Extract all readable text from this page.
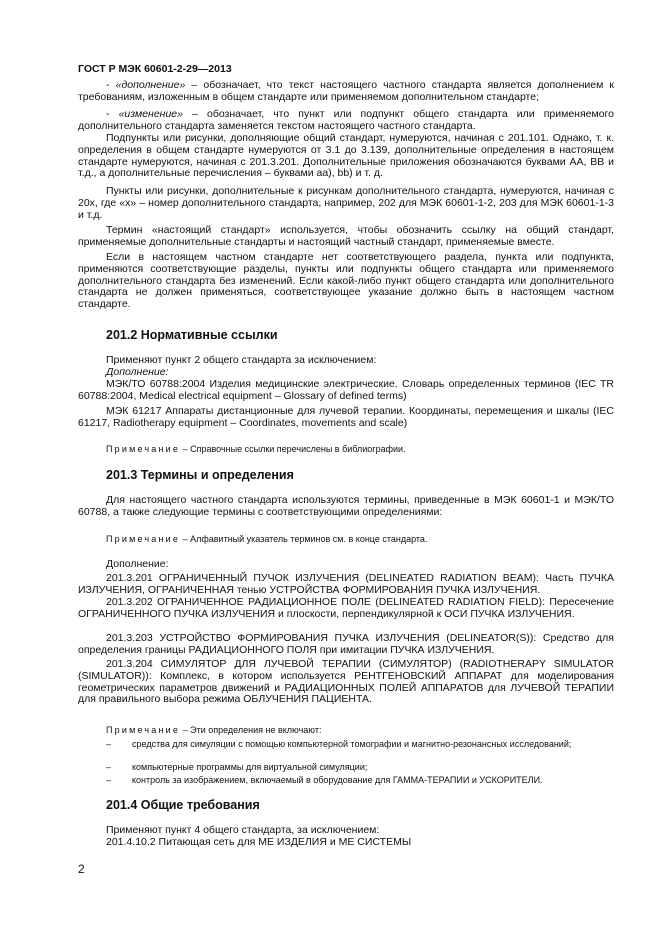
ГОСТ Р МЭК 60601-2-29—2013
- «дополнение» – обозначает, что текст настоящего частного стандарта является дополнением к требованиям, изложенным в общем стандарте или применяемом дополнительном стандарте;
- «изменение» – обозначает, что пункт или подпункт общего стандарта или применяемого дополнительного стандарта заменяется текстом настоящего частного стандарта.
Подпункты или рисунки, дополняющие общий стандарт, нумеруются, начиная с 201.101. Однако, т. к. определения в общем стандарте нумеруются от 3.1 до 3.139, дополнительные определения в настоящем стандарте нумеруются, начиная с 201.3.201. Дополнительные приложения обозначаются буквами АА, ВВ и т.д., а дополнительные перечисления – буквами аа), bb) и т. д.
Пункты или рисунки, дополнительные к рисункам дополнительного стандарта, нумеруются, начиная с 20x, где «x» – номер дополнительного стандарта, например, 202 для МЭК 60601-1-2, 203 для МЭК 60601-1-3 и т.д.
Термин «настоящий стандарт» используется, чтобы обозначить ссылку на общий стандарт, применяемые дополнительные стандарты и настоящий частный стандарт, применяемые вместе.
Если в настоящем частном стандарте нет соответствующего раздела, пункта или подпункта, применяются соответствующие разделы, пункты или подпункты общего стандарта или применяемого дополнительного стандарта без изменений. Если какой-либо пункт общего стандарта или дополнительного стандарта не должен применяться, соответствующее указание должно быть в настоящем частном стандарте.
201.2 Нормативные ссылки
Применяют пункт 2 общего стандарта за исключением:
Дополнение:
МЭК/ТО 60788:2004 Изделия медицинские электрические. Словарь определенных терминов (IEC TR 60788:2004, Medical electrical equipment – Glossary of defined terms)
МЭК 61217 Аппараты дистанционные для лучевой терапии. Координаты, перемещения и шкалы (IEC 61217, Radiotherapy equipment – Coordinates, movements and scale)
Примечание – Справочные ссылки перечислены в библиографии.
201.3 Термины и определения
Для настоящего частного стандарта используются термины, приведенные в МЭК 60601-1 и МЭК/ТО 60788, а также следующие термины с соответствующими определениями:
Примечание – Алфавитный указатель терминов см. в конце стандарта.
Дополнение:
201.3.201 ОГРАНИЧЕННЫЙ ПУЧОК ИЗЛУЧЕНИЯ (DELINEATED RADIATION BEAM): Часть ПУЧКА ИЗЛУЧЕНИЯ, ОГРАНИЧЕННАЯ тенью УСТРОЙСТВА ФОРМИРОВАНИЯ ПУЧКА ИЗЛУЧЕНИЯ.
201.3.202 ОГРАНИЧЕННОЕ РАДИАЦИОННОЕ ПОЛЕ (DELINEATED RADIATION FIELD): Пересечение ОГРАНИЧЕННОГО ПУЧКА ИЗЛУЧЕНИЯ и плоскости, перпендикулярной к ОСИ ПУЧКА ИЗЛУЧЕНИЯ.
201.3.203 УСТРОЙСТВО ФОРМИРОВАНИЯ ПУЧКА ИЗЛУЧЕНИЯ (DELINEATOR(S)): Средство для определения границы РАДИАЦИОННОГО ПОЛЯ при имитации ПУЧКА ИЗЛУЧЕНИЯ.
201.3.204 СИМУЛЯТОР ДЛЯ ЛУЧЕВОЙ ТЕРАПИИ (СИМУЛЯТОР) (RADIOTHERAPY SIMULATOR (SIMULATOR)): Комплекс, в котором используется РЕНТГЕНОВСКИЙ АППАРАТ для моделирования геометрических параметров движений и РАДИАЦИОННЫХ ПОЛЕЙ АППАРАТОВ для ЛУЧЕВОЙ ТЕРАПИИ для правильного выбора режима ОБЛУЧЕНИЯ ПАЦИЕНТА.
Примечание – Эти определения не включают:
– средства для симуляции с помощью компьютерной томографии и магнитно-резонансных исследований;
– компьютерные программы для виртуальной симуляции;
– контроль за изображением, включаемый в оборудование для ГАММА-ТЕРАПИИ и УСКОРИТЕЛИ.
201.4 Общие требования
Применяют пункт 4 общего стандарта, за исключением:
201.4.10.2 Питающая сеть для МЕ ИЗДЕЛИЯ и МЕ СИСТЕМЫ
2
